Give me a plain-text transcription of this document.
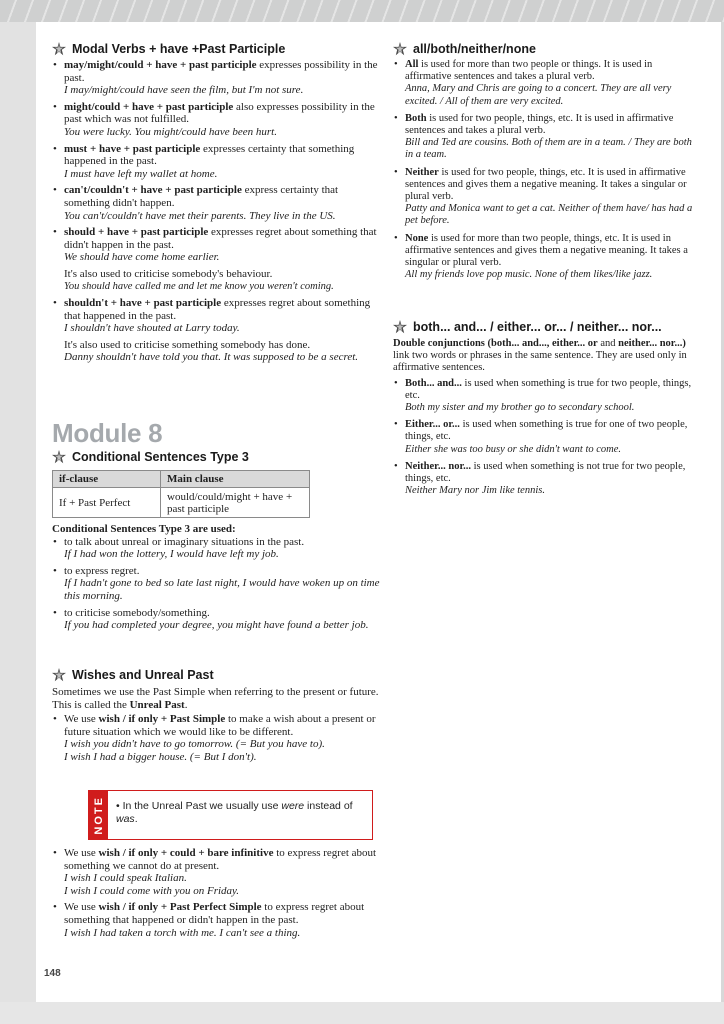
Modal Verbs + have +Past Participle
• may/might/could + have + past participle expresses possibility in the past.
I may/might/could have seen the film, but I'm not sure.
• might/could + have + past participle also expresses possibility in the past which was not fulfilled.
You were lucky. You might/could have been hurt.
• must + have + past participle expresses certainty that something happened in the past.
I must have left my wallet at home.
• can't/couldn't + have + past participle express certainty that something didn't happen.
You can't/couldn't have met their parents. They live in the US.
• should + have + past participle expresses regret about something that didn't happen in the past.
We should have come home earlier.
It's also used to criticise somebody's behaviour.
You should have called me and let me know you weren't coming.
• shouldn't + have + past participle expresses regret about something that happened in the past.
I shouldn't have shouted at Larry today.
It's also used to criticise something somebody has done.
Danny shouldn't have told you that. It was supposed to be a secret.
Module 8
Conditional Sentences Type 3
if-clause	Main clause
If + Past Perfect	would/could/might + have + past participle

Conditional Sentences Type 3 are used:

• to talk about unreal or imaginary situations in the past.
If I had won the lottery, I would have left my job.
• to express regret.
If I hadn't gone to bed so late last night, I would have woken up on time this morning.
• to criticise somebody/something.
If you had completed your degree, you might have found a better job.
Wishes and Unreal Past

Sometimes we use the Past Simple when referring to the present or future. This is called the Unreal Past.

• We use wish / if only + Past Simple to make a wish about a present or future situation which we would like to be different.
I wish you didn't have to go tomorrow. (= But you have to).
I wish I had a bigger house. (= But I don't).
NOTE	• In the Unreal Past we usually use were instead of was.
• We use wish / if only + could + bare infinitive to express regret about something we cannot do at present.
I wish I could speak Italian.
I wish I could come with you on Friday.
• We use wish / if only + Past Perfect Simple to express regret about something that happened or didn't happen in the past.
I wish I had taken a torch with me. I can't see a thing.
148
all/both/neither/none
• All is used for more than two people or things. It is used in affirmative sentences and takes a plural verb.
Anna, Mary and Chris are going to a concert. They are all very excited. / All of them are very excited.
• Both is used for two people, things, etc. It is used in affirmative sentences and takes a plural verb.
Bill and Ted are cousins. Both of them are in a team. / They are both in a team.
• Neither is used for two people, things, etc. It is used in affirmative sentences and gives them a negative meaning. It takes a singular or plural verb.
Patty and Monica want to get a cat. Neither of them have/ has had a pet before.
• None is used for more than two people, things, etc. It is used in affirmative sentences and gives them a negative meaning. It takes a singular or plural verb.
All my friends love pop music. None of them likes/like jazz.
both... and... / either... or... / neither... nor...

Double conjunctions (both... and..., either... or and neither... nor...) link two words or phrases in the same sentence. They are used only in affirmative sentences.

• Both... and... is used when something is true for two people, things, etc.
Both my sister and my brother go to secondary school.
• Either... or... is used when something is true for one of two people, things, etc.
Either she was too busy or she didn't want to come.
• Neither... nor... is used when something is not true for two people, things, etc.
Neither Mary nor Jim like tennis.
